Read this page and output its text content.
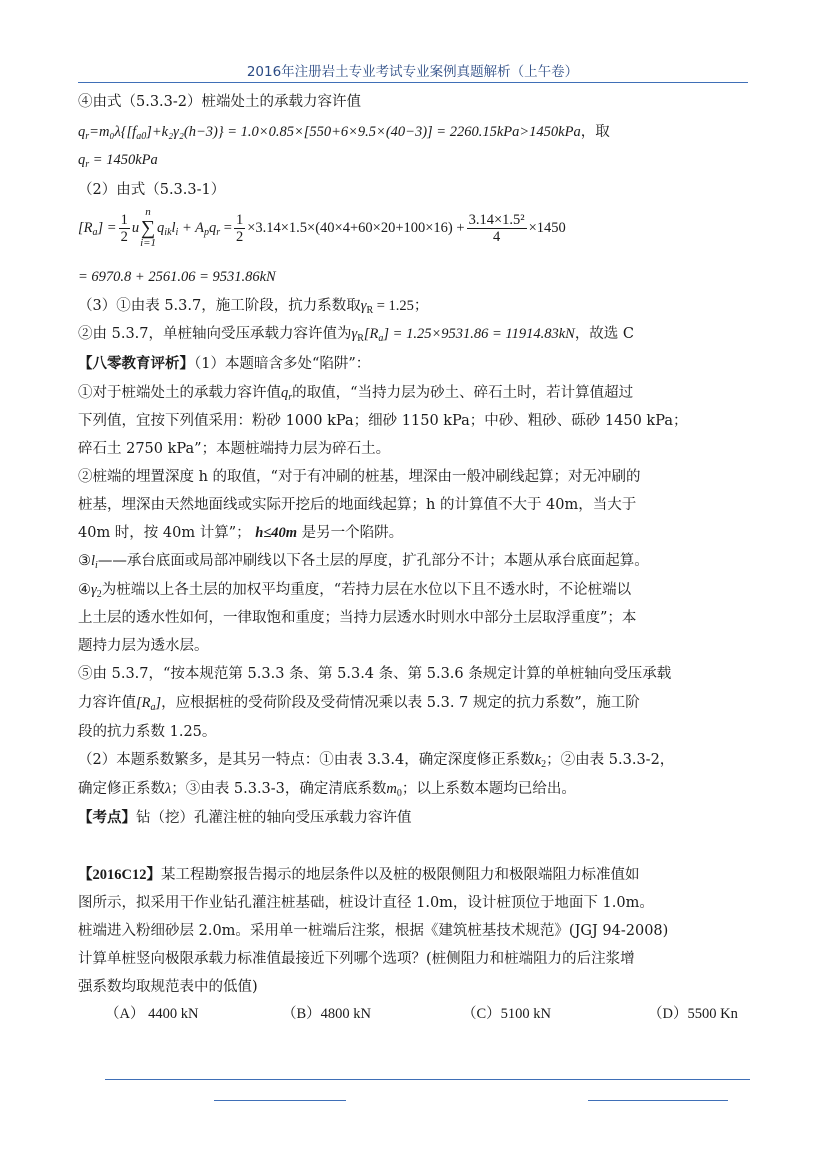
2016年注册岩土专业考试专业案例真题解析（上午卷）
④由式（5.3.3-2）桩端处土的承载力容许值
$q_r=m_0\lambda\{[f_{a0}]+k_2\gamma_2(h-3)\} = 1.0\times 0.85\times[550+6\times 9.5\times(40-3)] = 2260.15kPa>1450kPa$，取
$q_r = 1450kPa$
（2）由式（5.3.3-1）
$[R_a] = \frac{1}{2}$ un
∑
$i=1q_{ik}l_i + A_pq_r = \frac{1}{2} \times 3.14\times 1.5\times(40\times 4+60\times 20+100\times 16) + \frac{\text{3.14×1.5²}}{4} \times 1450$
= 6970.8 + 2561.06 = 9531.86kN
（3）①由表 5.3.7，施工阶段，抗力系数取$\gamma_R = 1.25$；
②由 5.3.7，单桩轴向受压承载力容许值为$\gamma_R[R_a] = 1.25\times 9531.86 = 11914.83kN$，故选 C
【八零教育评析】（1）本题暗含多处“陷阱”：
①对于桩端处土的承载力容许值$q_r$的取值，“当持力层为砂土、碎石土时，若计算值超过
下列值，宜按下列值采用：粉砂 1000 kPa；细砂 1150 kPa；中砂、粗砂、砾砂 1450 kPa；
碎石土 2750 kPa”；本题桩端持力层为碎石土。
②桩端的埋置深度 h 的取值，“对于有冲刷的桩基，埋深由一般冲刷线起算；对无冲刷的
桩基，埋深由天然地面线或实际开挖后的地面线起算；h 的计算值不大于 40m，当大于
40m 时，按 40m 计算”； h≤40m 是另一个陷阱。
$③l_i——$承台底面或局部冲刷线以下各土层的厚度，扩孔部分不计；本题从承台底面起算。
$④\gamma_2$为桩端以上各土层的加权平均重度，“若持力层在水位以下且不透水时，不论桩端以
上土层的透水性如何，一律取饱和重度；当持力层透水时则水中部分土层取浮重度”；本
题持力层为透水层。
⑤由 5.3.7，“按本规范第 5.3.3 条、第 5.3.4 条、第 5.3.6 条规定计算的单桩轴向受压承载
力容许值$[R_a]$，应根据桩的受荷阶段及受荷情况乘以表 5.3. 7 规定的抗力系数”，施工阶
段的抗力系数 1.25。
（2）本题系数繁多，是其另一特点：①由表 3.3.4，确定深度修正系数$k_2$；②由表 5.3.3-2，
确定修正系数λ；③由表 5.3.3-3，确定清底系数$m_0$；以上系数本题均已给出。
【考点】钻（挖）孔灌注桩的轴向受压承载力容许值
【2016C12】某工程勘察报告揭示的地层条件以及桩的极限侧阻力和极限端阻力标准值如
图所示，拟采用干作业钻孔灌注桩基础，桩设计直径 1.0m，设计桩顶位于地面下 1.0m。
桩端进入粉细砂层 2.0m。采用单一桩端后注浆，根据《建筑桩基技术规范》(JGJ 94-2008)
计算单桩竖向极限承载力标准值最接近下列哪个选项？(桩侧阻力和桩端阻力的后注浆增
强系数均取规范表中的低值)
（A） 4400 kN	（B）4800 kN	（C）5100 kN	（D）5500 Kn
